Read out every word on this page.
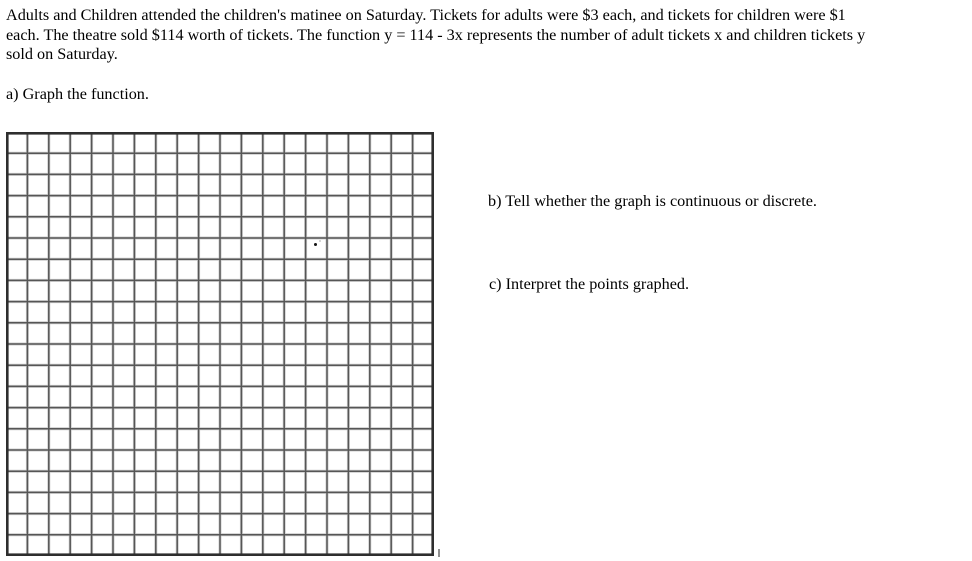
Adults and Children attended the children's matinee on Saturday. Tickets for adults were $3 each, and tickets for children were $1
each. The theatre sold $114 worth of tickets. The function y = 114 - 3x represents the number of adult tickets x and children tickets y
sold on Saturday.
a) Graph the function.
b) Tell whether the graph is continuous or discrete.
c) Interpret the points graphed.
